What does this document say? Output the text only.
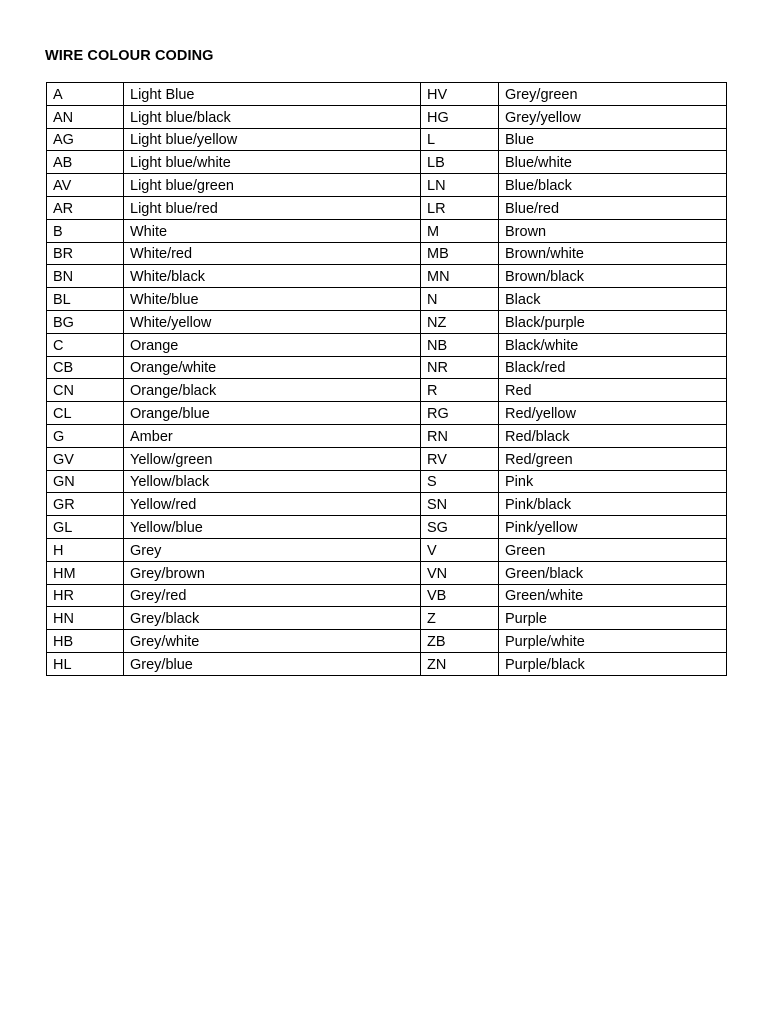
WIRE COLOUR CODING
A	Light Blue	HV	Grey/green
AN	Light blue/black	HG	Grey/yellow
AG	Light blue/yellow	L	Blue
AB	Light blue/white	LB	Blue/white
AV	Light blue/green	LN	Blue/black
AR	Light blue/red	LR	Blue/red
B	White	M	Brown
BR	White/red	MB	Brown/white
BN	White/black	MN	Brown/black
BL	White/blue	N	Black
BG	White/yellow	NZ	Black/purple
C	Orange	NB	Black/white
CB	Orange/white	NR	Black/red
CN	Orange/black	R	Red
CL	Orange/blue	RG	Red/yellow
G	Amber	RN	Red/black
GV	Yellow/green	RV	Red/green
GN	Yellow/black	S	Pink
GR	Yellow/red	SN	Pink/black
GL	Yellow/blue	SG	Pink/yellow
H	Grey	V	Green
HM	Grey/brown	VN	Green/black
HR	Grey/red	VB	Green/white
HN	Grey/black	Z	Purple
HB	Grey/white	ZB	Purple/white
HL	Grey/blue	ZN	Purple/black
